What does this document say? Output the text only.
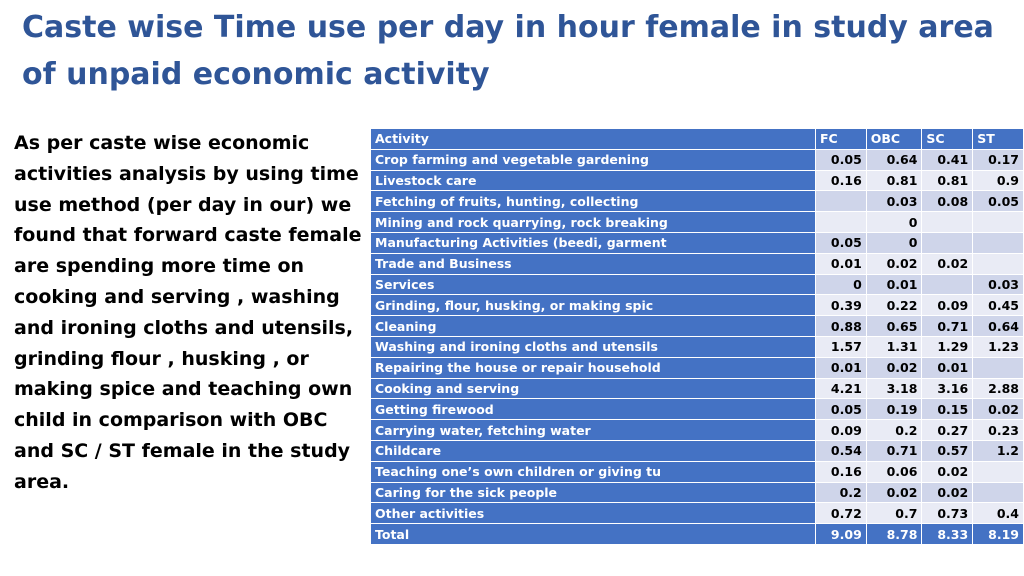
Caste wise Time use per day in hour female in study area of unpaid economic activity

As per caste wise economic activities analysis by using time use method (per day in our) we found that forward caste female are spending more time on cooking and serving , washing and ironing cloths and utensils, grinding flour , husking , or making spice and teaching own child in comparison with OBC and SC / ST female in the study area.

Activity	FC	OBC	SC	ST
Crop farming and vegetable gardening	0.05	0.64	0.41	0.17
Livestock care	0.16	0.81	0.81	0.9
Fetching of fruits, hunting, collecting		0.03	0.08	0.05
Mining and rock quarrying, rock breaking		0		
Manufacturing Activities (beedi, garment	0.05	0		
Trade and Business	0.01	0.02	0.02	
Services	0	0.01		0.03
Grinding, flour, husking, or making spic	0.39	0.22	0.09	0.45
Cleaning	0.88	0.65	0.71	0.64
Washing and ironing cloths and utensils	1.57	1.31	1.29	1.23
Repairing the house or repair household	0.01	0.02	0.01	
Cooking and serving	4.21	3.18	3.16	2.88
Getting firewood	0.05	0.19	0.15	0.02
Carrying water, fetching water	0.09	0.2	0.27	0.23
Childcare	0.54	0.71	0.57	1.2
Teaching one’s own children or giving tu	0.16	0.06	0.02	
Caring for the sick people	0.2	0.02	0.02	
Other activities	0.72	0.7	0.73	0.4
Total	9.09	8.78	8.33	8.19
